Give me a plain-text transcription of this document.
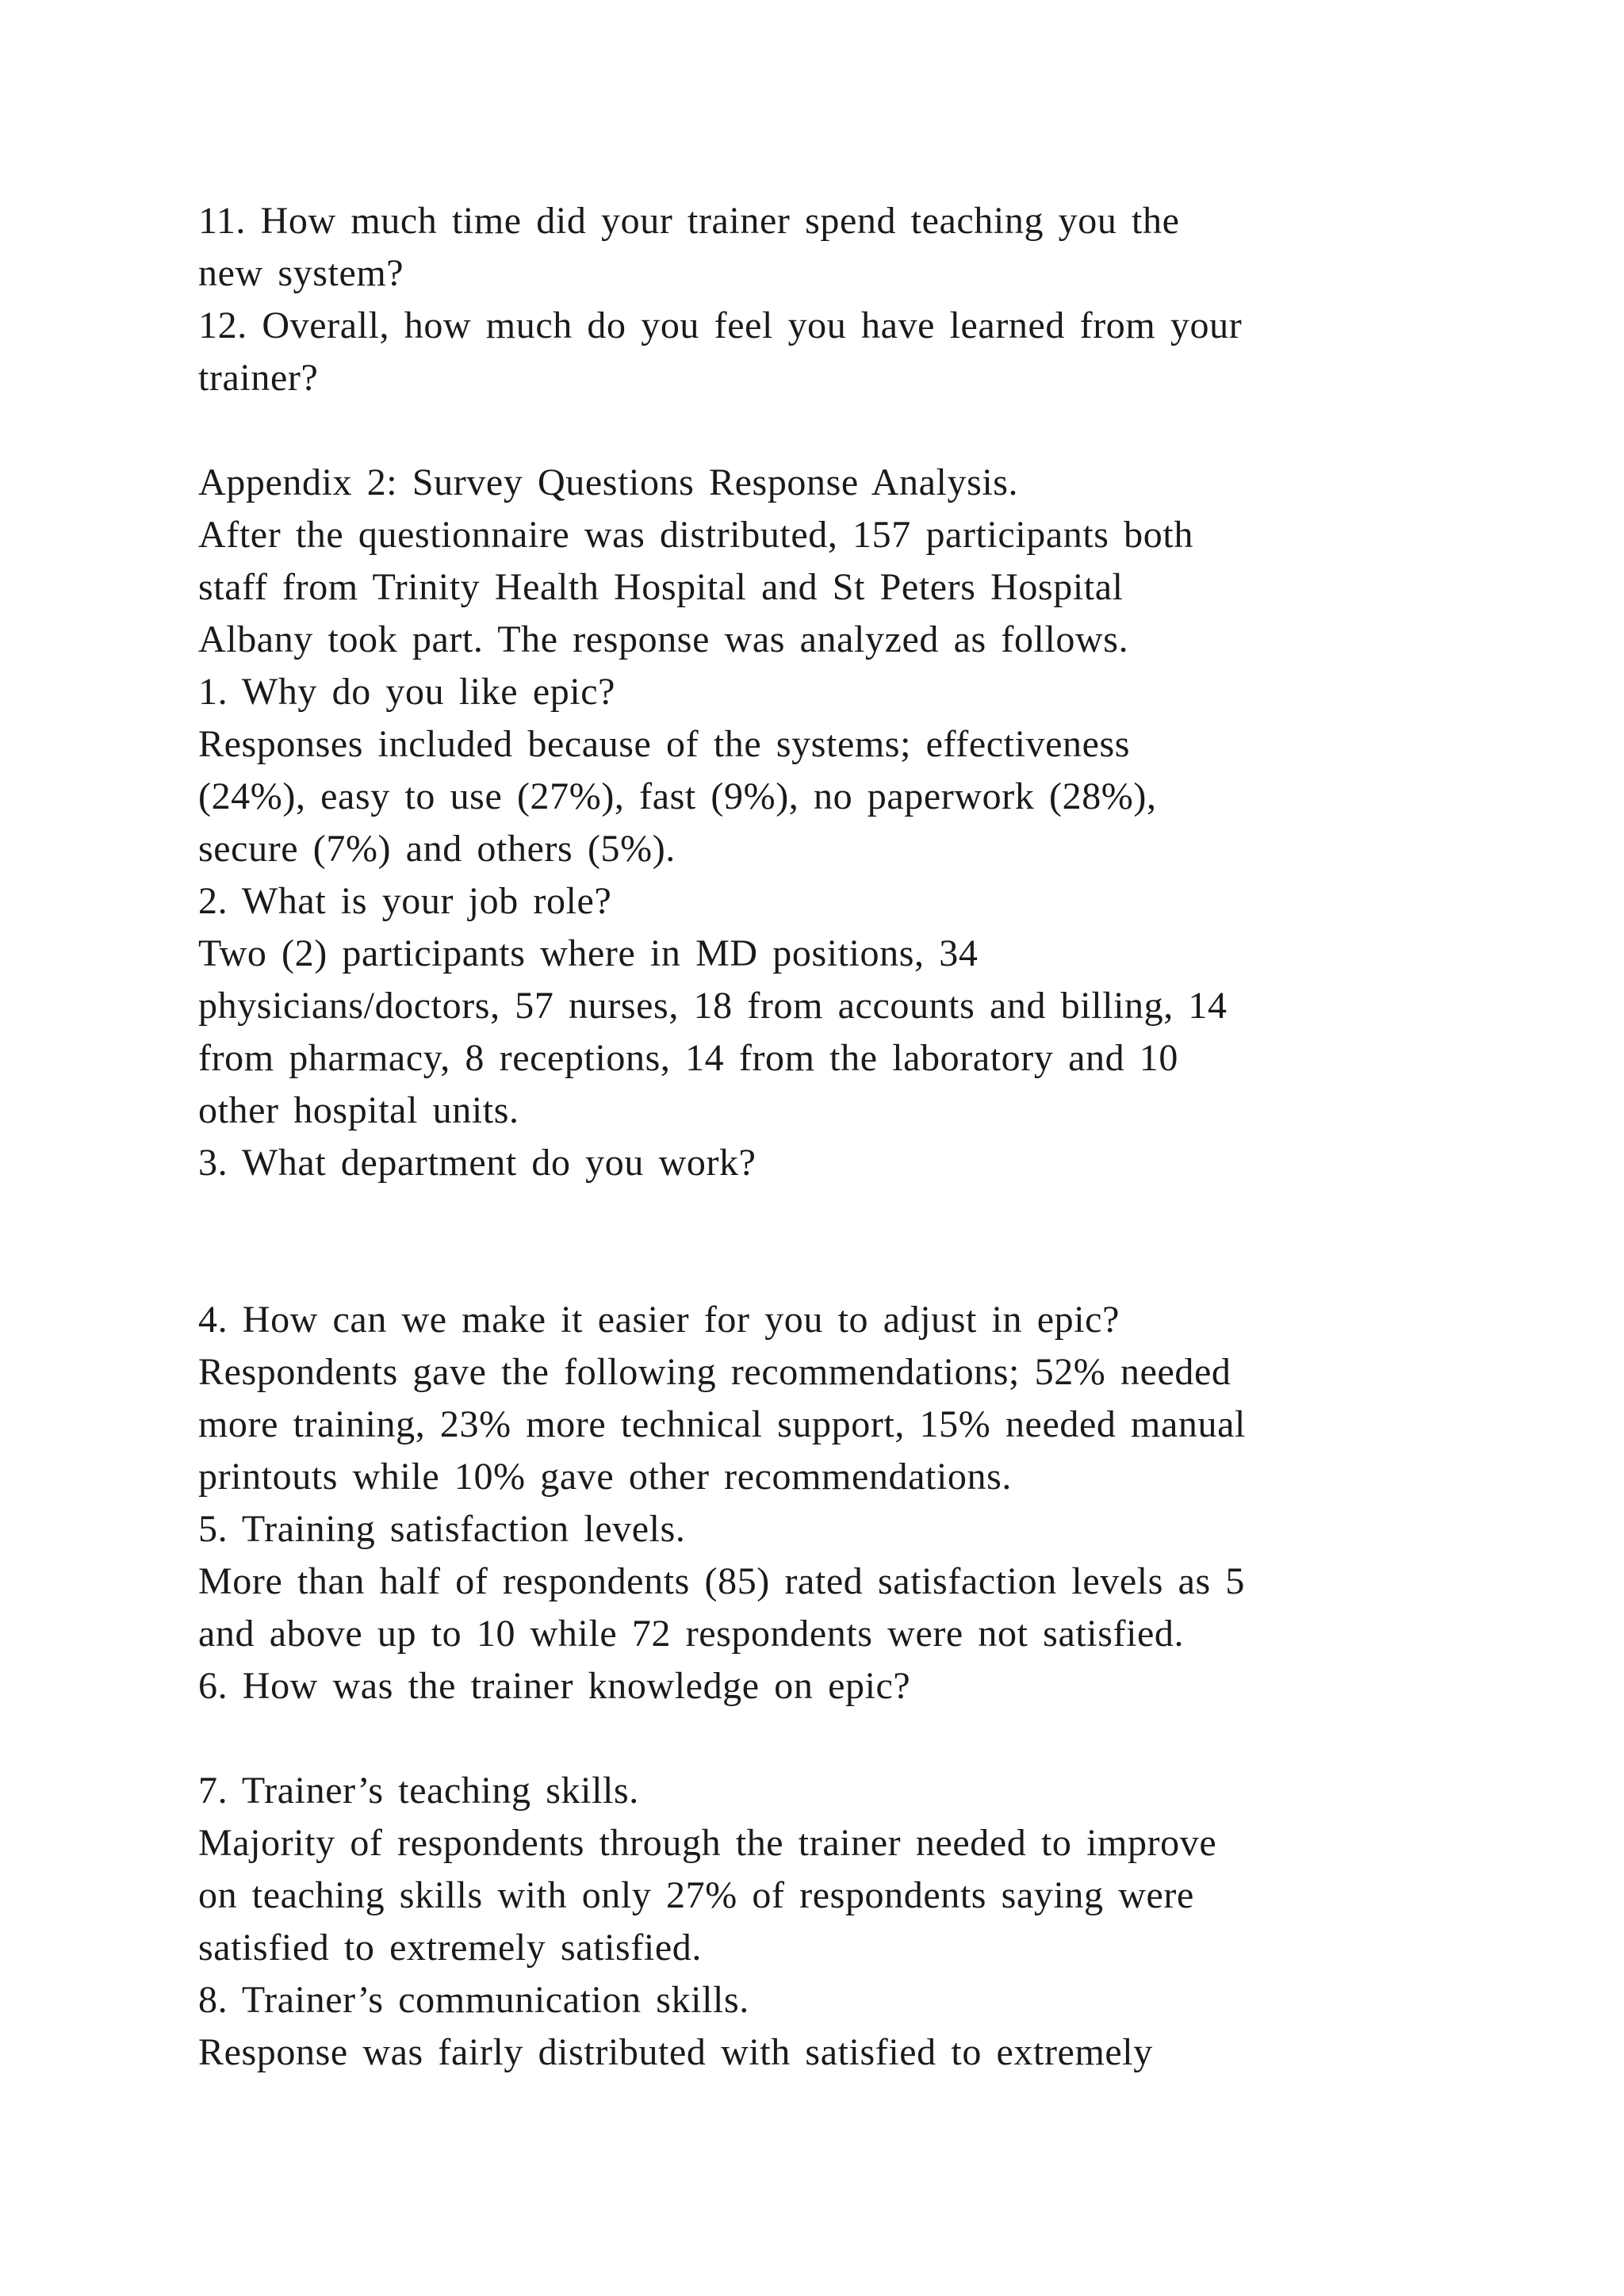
11. How much time did your trainer spend teaching you the
new system?
12. Overall, how much do you feel you have learned from your
trainer?
Appendix 2: Survey Questions Response Analysis.
After the questionnaire was distributed, 157 participants both
staff from Trinity Health Hospital and St Peters Hospital
Albany took part. The response was analyzed as follows.
1. Why do you like epic?
Responses included because of the systems; effectiveness
(24%), easy to use (27%), fast (9%), no paperwork (28%),
secure (7%) and others (5%).
2. What is your job role?
Two (2) participants where in MD positions, 34
physicians/doctors, 57 nurses, 18 from accounts and billing, 14
from pharmacy, 8 receptions, 14 from the laboratory and 10
other hospital units.
3. What department do you work?
4. How can we make it easier for you to adjust in epic?
Respondents gave the following recommendations; 52% needed
more training, 23% more technical support, 15% needed manual
printouts while 10% gave other recommendations.
5. Training satisfaction levels.
More than half of respondents (85) rated satisfaction levels as 5
and above up to 10 while 72 respondents were not satisfied.
6. How was the trainer knowledge on epic?
7. Trainer’s teaching skills.
Majority of respondents through the trainer needed to improve
on teaching skills with only 27% of respondents saying were
satisfied to extremely satisfied.
8. Trainer’s communication skills.
Response was fairly distributed with satisfied to extremely
